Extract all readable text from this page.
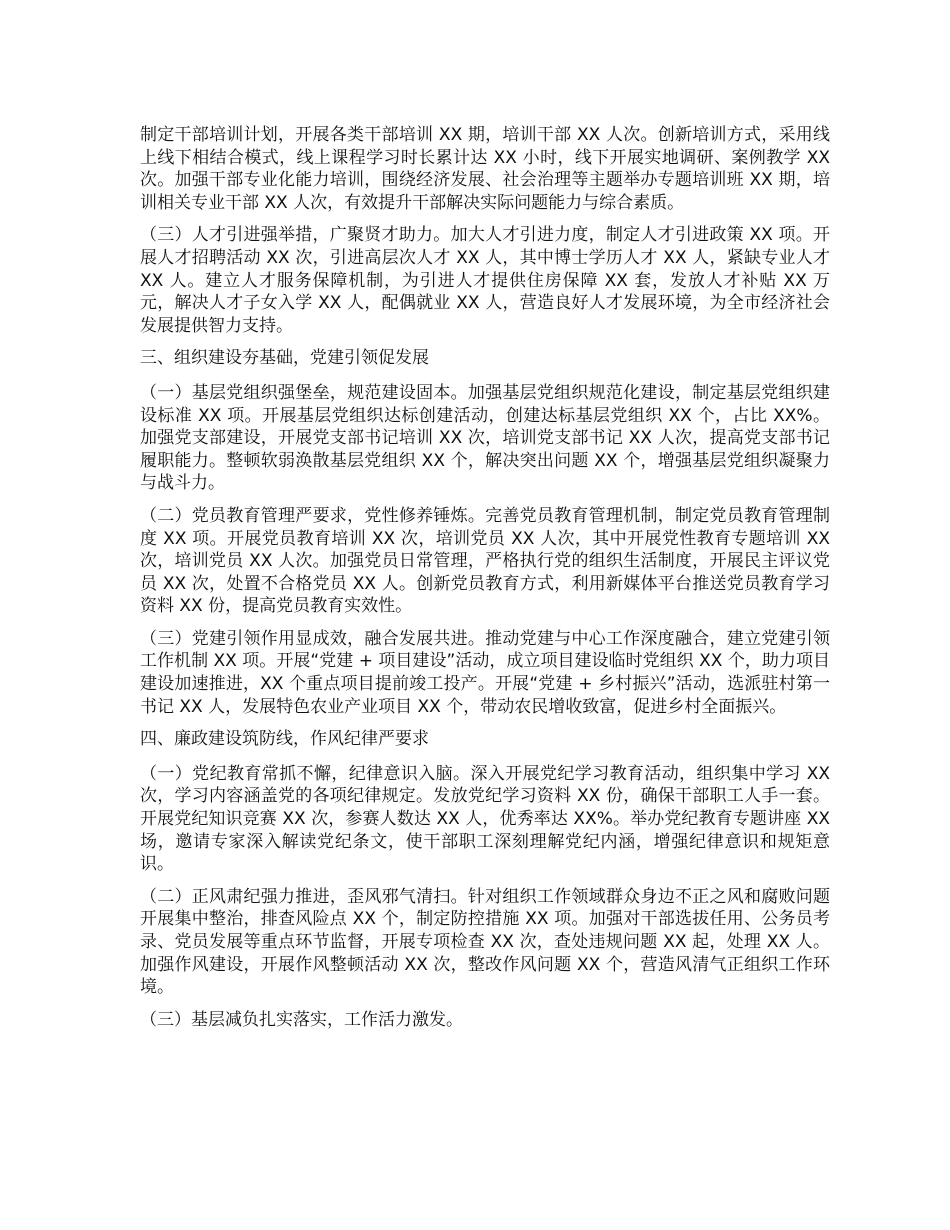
制定干部培训计划，开展各类干部培训 XX 期，培训干部 XX 人次。创新培训方式，采用线上线下相结合模式，线上课程学习时长累计达 XX 小时，线下开展实地调研、案例教学 XX 次。加强干部专业化能力培训，围绕经济发展、社会治理等主题举办专题培训班 XX 期，培训相关专业干部 XX 人次，有效提升干部解决实际问题能力与综合素质。

（三）人才引进强举措，广聚贤才助力。加大人才引进力度，制定人才引进政策 XX 项。开展人才招聘活动 XX 次，引进高层次人才 XX 人，其中博士学历人才 XX 人，紧缺专业人才 XX 人。建立人才服务保障机制，为引进人才提供住房保障 XX 套，发放人才补贴 XX 万元，解决人才子女入学 XX 人，配偶就业 XX 人，营造良好人才发展环境，为全市经济社会发展提供智力支持。

三、组织建设夯基础，党建引领促发展

（一）基层党组织强堡垒，规范建设固本。加强基层党组织规范化建设，制定基层党组织建设标准 XX 项。开展基层党组织达标创建活动，创建达标基层党组织 XX 个，占比 XX%。加强党支部建设，开展党支部书记培训 XX 次，培训党支部书记 XX 人次，提高党支部书记履职能力。整顿软弱涣散基层党组织 XX 个，解决突出问题 XX 个，增强基层党组织凝聚力与战斗力。

（二）党员教育管理严要求，党性修养锤炼。完善党员教育管理机制，制定党员教育管理制度 XX 项。开展党员教育培训 XX 次，培训党员 XX 人次，其中开展党性教育专题培训 XX 次，培训党员 XX 人次。加强党员日常管理，严格执行党的组织生活制度，开展民主评议党员 XX 次，处置不合格党员 XX 人。创新党员教育方式，利用新媒体平台推送党员教育学习资料 XX 份，提高党员教育实效性。

（三）党建引领作用显成效，融合发展共进。推动党建与中心工作深度融合，建立党建引领工作机制 XX 项。开展“党建 + 项目建设”活动，成立项目建设临时党组织 XX 个，助力项目建设加速推进，XX 个重点项目提前竣工投产。开展“党建 + 乡村振兴”活动，选派驻村第一书记 XX 人，发展特色农业产业项目 XX 个，带动农民增收致富，促进乡村全面振兴。

四、廉政建设筑防线，作风纪律严要求

（一）党纪教育常抓不懈，纪律意识入脑。深入开展党纪学习教育活动，组织集中学习 XX 次，学习内容涵盖党的各项纪律规定。发放党纪学习资料 XX 份，确保干部职工人手一套。开展党纪知识竞赛 XX 次，参赛人数达 XX 人，优秀率达 XX%。举办党纪教育专题讲座 XX 场，邀请专家深入解读党纪条文，使干部职工深刻理解党纪内涵，增强纪律意识和规矩意识。

（二）正风肃纪强力推进，歪风邪气清扫。针对组织工作领域群众身边不正之风和腐败问题开展集中整治，排查风险点 XX 个，制定防控措施 XX 项。加强对干部选拔任用、公务员考录、党员发展等重点环节监督，开展专项检查 XX 次，查处违规问题 XX 起，处理 XX 人。加强作风建设，开展作风整顿活动 XX 次，整改作风问题 XX 个，营造风清气正组织工作环境。

（三）基层减负扎实落实，工作活力激发。
